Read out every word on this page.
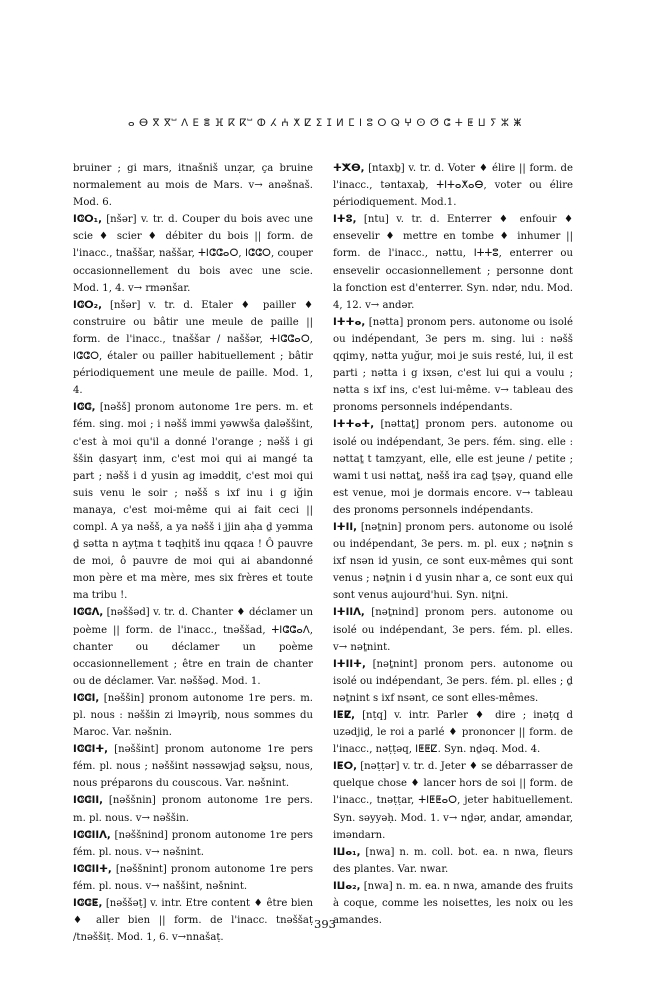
ⴰ ⴱ ⴳ ⴳⵯ ⴷ ⴹ ⴻ ⴼ ⴽ ⴽⵯ ⵀ ⵃ ⵄ ⵅ ⵇ ⵉ ⵊ ⵍ ⵎ ⵏ ⵓ ⵔ ⵕ ⵖ ⵙ ⵚ ⵛ ⵜ ⵟ ⵡ ⵢ ⵣ ⵥ

bruiner ; gi mars, itnašniš unẓar, ça bruine normalement au mois de Mars. v→ anəšnaš. Mod. 6.

ⵏⵛⵔ₁, [nšər] v. tr. d. Couper du bois avec une scie ♦ scier ♦ débiter du bois || form. de l'inacc., tnaššar, naššar, ⵜⵏⵛⵛⴰⵔ, ⵏⵛⵛⵔ, couper occasionnellement du bois avec une scie. Mod. 1, 4. v→ rmənšar.

ⵏⵛⵔ₂, [nšər] v. tr. d. Etaler ♦ pailler ♦ construire ou bâtir une meule de paille || form. de l'inacc., tnaššar / naššər, ⵜⵏⵛⵛⴰⵔ, ⵏⵛⵛⵔ, étaler ou pailler habituellement ; bâtir périodiquement une meule de paille. Mod. 1, 4.

ⵏⵛⵛ, [nəšš] pronom autonome 1re pers. m. et fém. sing. moi ; i nəšš immi yəwwša ḍaləššint, c'est à moi qu'il a donné l'orange ; nəšš i gi ššin ḍasyarṭ inm, c'est moi qui ai mangé ta part ; nəšš i d yusin ag iməddiṭ, c'est moi qui suis venu le soir ; nəšš s ixf inu i g iğin manaya, c'est moi-même qui ai fait ceci || compl. A ya nəšš, a ya nəšš i jjin aḥa ḏ yəmma ḏ sətta n ayṭma t təqḥitš inu qqaεa ! Ô pauvre de moi, ô pauvre de moi qui ai abandonné mon père et ma mère, mes six frères et toute ma tribu !.

ⵏⵛⵛⴷ, [nəššəd] v. tr. d. Chanter ♦ déclamer un poème || form. de l'inacc., tnəššad, ⵜⵏⵛⵛⴰⴷ, chanter ou déclamer un poème occasionnellement ; être en train de chanter ou de déclamer. Var. nəššəḏ. Mod. 1.

ⵏⵛⵛⵏ, [nəššin] pronom autonome 1re pers. m. pl. nous : nəššin zi lməγriḇ, nous sommes du Maroc. Var. nəšnin.

ⵏⵛⵛⵏⵜ, [nəššint] pronom autonome 1re pers fém. pl. nous ; nəššint nəssəwjaḏ səḵsu, nous, nous préparons du couscous. Var. nəšnint.

ⵏⵛⵛⵏⵏ, [nəššnin] pronom autonome 1re pers. m. pl. nous. v→ nəššin.

ⵏⵛⵛⵏⵏⴷ, [nəššnind] pronom autonome 1re pers fém. pl. nous. v→ nəšnint.

ⵏⵛⵛⵏⵏⵜ, [nəššnint] pronom autonome 1re pers fém. pl. nous. v→ naššint, nəšnint.

ⵏⵛⵛⵟ, [nəššəṭ] v. intr. Etre content ♦ être bien ♦ aller bien || form. de l'inacc. tnəššaṭ /tnəššiṭ. Mod. 1, 6. v→nnašaṭ.

ⵜⵅⴱ, [ntaxḇ] v. tr. d. Voter ♦ élire || form. de l'inacc., təntaxaḇ, ⵜⵏⵜⴰⵅⴰⴱ, voter ou élire périodiquement. Mod.1.

ⵏⵜⵓ, [ntu] v. tr. d. Enterrer ♦ enfouir ♦ ensevelir ♦ mettre en tombe ♦ inhumer || form. de l'inacc., nəttu, ⵏⵜⵜⵓ, enterrer ou ensevelir occasionnellement ; personne dont la fonction est d'enterrer. Syn. ndər, ndu. Mod. 4, 12. v→ andər.

ⵏⵜⵜⴰ, [nətta] pronom pers. autonome ou isolé ou indépendant, 3e pers m. sing. lui : nəšš qqimγ, nətta yuğur, moi je suis resté, lui, il est parti ; nətta i g ixsən, c'est lui qui a voulu ; nətta s ixf ins, c'est lui-même. v→ tableau des pronoms personnels indépendants.

ⵏⵜⵜⴰⵜ, [nəttaṯ] pronom pers. autonome ou isolé ou indépendant, 3e pers. fém. sing. elle : nəttaṯ t tamẓyant, elle, elle est jeune / petite ; wami t usi nəttaṯ, nəšš ira εaḏ ṯṣəγ, quand elle est venue, moi je dormais encore. v→ tableau des pronoms personnels indépendants.

ⵏⵜⵏⵏ, [nəṯnin] pronom pers. autonome ou isolé ou indépendant, 3e pers. m. pl. eux ; nəṯnin s ixf nsən id yusin, ce sont eux-mêmes qui sont venus ; nəṯnin i d yusin nhar a, ce sont eux qui sont venus aujourd'hui. Syn. niṯni.

ⵏⵜⵏⵏⴷ, [nəṯnind] pronom pers. autonome ou isolé ou indépendant, 3e pers. fém. pl. elles. v→ nəṯnint.

ⵏⵜⵏⵏⵜ, [nəṯnint] pronom pers. autonome ou isolé ou indépendant, 3e pers. fém. pl. elles ; ḏ nəṯnint s ixf nsənt, ce sont elles-mêmes.

ⵏⵟⵇ, [nṭq] v. intr. Parler ♦ dire ; inəṭq d uzədjiḏ, le roi a parlé ♦ prononcer || form. de l'inacc., nəṭṭəq, ⵏⵟⵟⵇ. Syn. nḏəq. Mod. 4.

ⵏⵟⵔ, [nəṭṭər] v. tr. d. Jeter ♦ se débarrasser de quelque chose ♦ lancer hors de soi || form. de l'inacc., tnəṭṭar, ⵜⵏⵟⵟⴰⵔ, jeter habituellement. Syn. səyyəḥ. Mod. 1. v→ nḏər, andar, aməndar, iməndarn.

ⵏⵡⴰ₁, [nwa] n. m. coll. bot. ea. n nwa, fleurs des plantes. Var. nwar.

ⵏⵡⴰ₂, [nwa] n. m. ea. n nwa, amande des fruits à coque, comme les noisettes, les noix ou les amandes.

393
